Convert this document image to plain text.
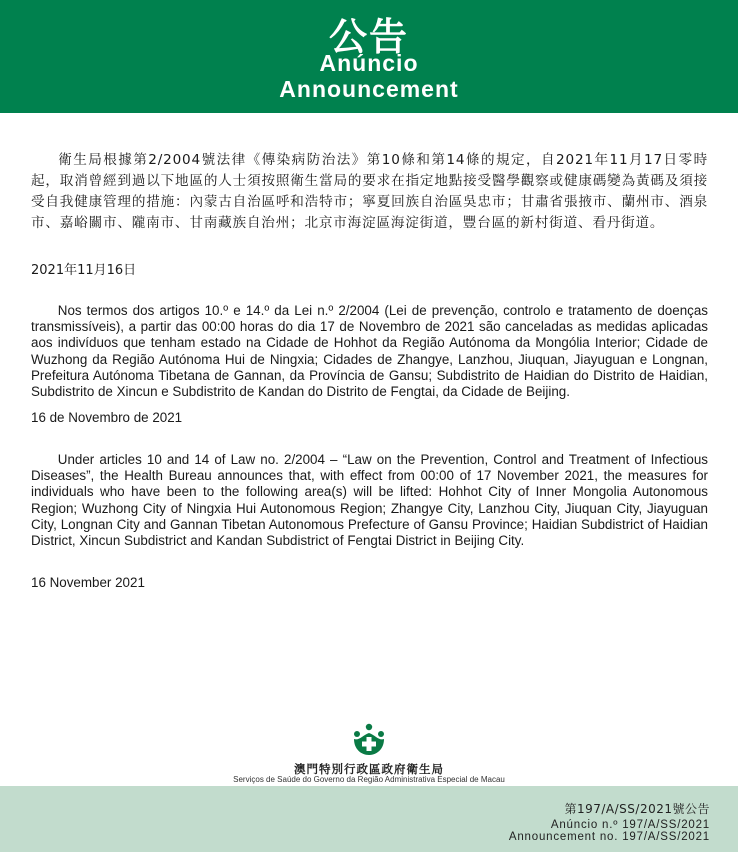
公告
Anúncio
Announcement

衛生局根據第2/2004號法律《傳染病防治法》第10條和第14條的規定，自2021年11月17日零時起，取消曾經到過以下地區的人士須按照衛生當局的要求在指定地點接受醫學觀察或健康碼變為黃碼及須接受自我健康管理的措施：內蒙古自治區呼和浩特市；寧夏回族自治區吳忠市；甘肅省張掖市、蘭州市、酒泉市、嘉峪關市、隴南市、甘南藏族自治州；北京市海淀區海淀街道，豐台區的新村街道、看丹街道。

2021年11月16日

Nos termos dos artigos 10.º e 14.º da Lei n.º 2/2004 (Lei de prevenção, controlo e tratamento de doenças transmissíveis), a partir das 00:00 horas do dia 17 de Novembro de 2021 são canceladas as medidas aplicadas aos indivíduos que tenham estado na Cidade de Hohhot da Região Autónoma da Mongólia Interior; Cidade de Wuzhong da Região Autónoma Hui de Ningxia; Cidades de Zhangye, Lanzhou, Jiuquan, Jiayuguan e Longnan, Prefeitura Autónoma Tibetana de Gannan, da Província de Gansu; Subdistrito de Haidian do Distrito de Haidian, Subdistrito de Xincun e Subdistrito de Kandan do Distrito de Fengtai, da Cidade de Beijing.

16 de Novembro de 2021

Under articles 10 and 14 of Law no. 2/2004 – “Law on the Prevention, Control and Treatment of Infectious Diseases”, the Health Bureau announces that, with effect from 00:00 of 17 November 2021, the measures for individuals who have been to the following area(s) will be lifted: Hohhot City of Inner Mongolia Autonomous Region; Wuzhong City of Ningxia Hui Autonomous Region; Zhangye City, Lanzhou City, Jiuquan City, Jiayuguan City, Longnan City and Gannan Tibetan Autonomous Prefecture of Gansu Province; Haidian Subdistrict of Haidian District, Xincun Subdistrict and Kandan Subdistrict of Fengtai District in Beijing City.

16 November 2021

澳門特別行政區政府衛生局
Serviços de Saúde do Governo da Região Administrativa Especial de Macau
第197/A/SS/2021號公告
Anúncio n.º 197/A/SS/2021
Announcement no. 197/A/SS/2021
